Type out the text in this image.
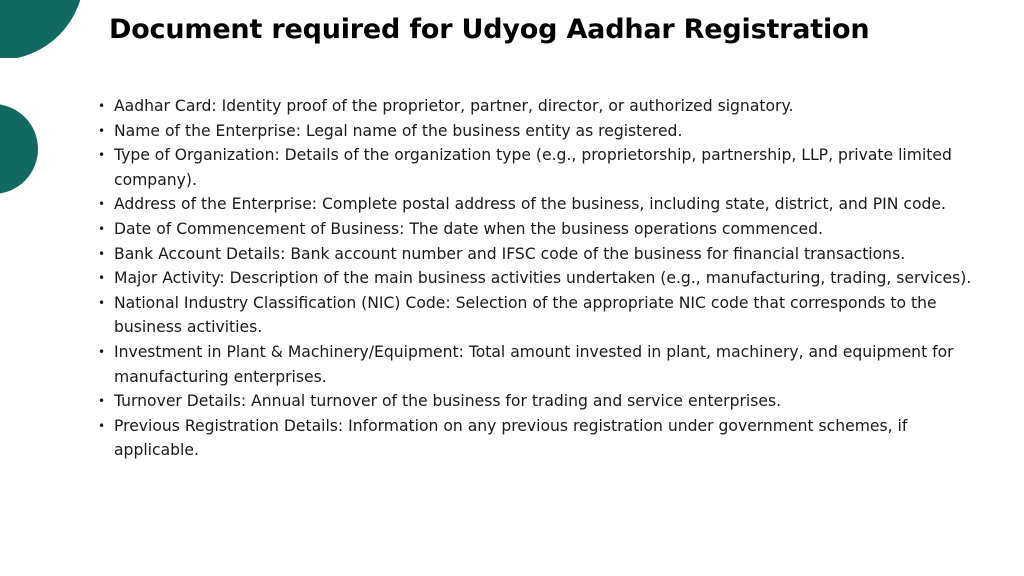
Document required for Udyog Aadhar Registration
• Aadhar Card: Identity proof of the proprietor, partner, director, or authorized signatory.
• Name of the Enterprise: Legal name of the business entity as registered.
• Type of Organization: Details of the organization type (e.g., proprietorship, partnership, LLP, private limited company).
• Address of the Enterprise: Complete postal address of the business, including state, district, and PIN code.
• Date of Commencement of Business: The date when the business operations commenced.
• Bank Account Details: Bank account number and IFSC code of the business for financial transactions.
• Major Activity: Description of the main business activities undertaken (e.g., manufacturing, trading, services).
• National Industry Classification (NIC) Code: Selection of the appropriate NIC code that corresponds to the business activities.
• Investment in Plant & Machinery/Equipment: Total amount invested in plant, machinery, and equipment for manufacturing enterprises.
• Turnover Details: Annual turnover of the business for trading and service enterprises.
• Previous Registration Details: Information on any previous registration under government schemes, if applicable.
